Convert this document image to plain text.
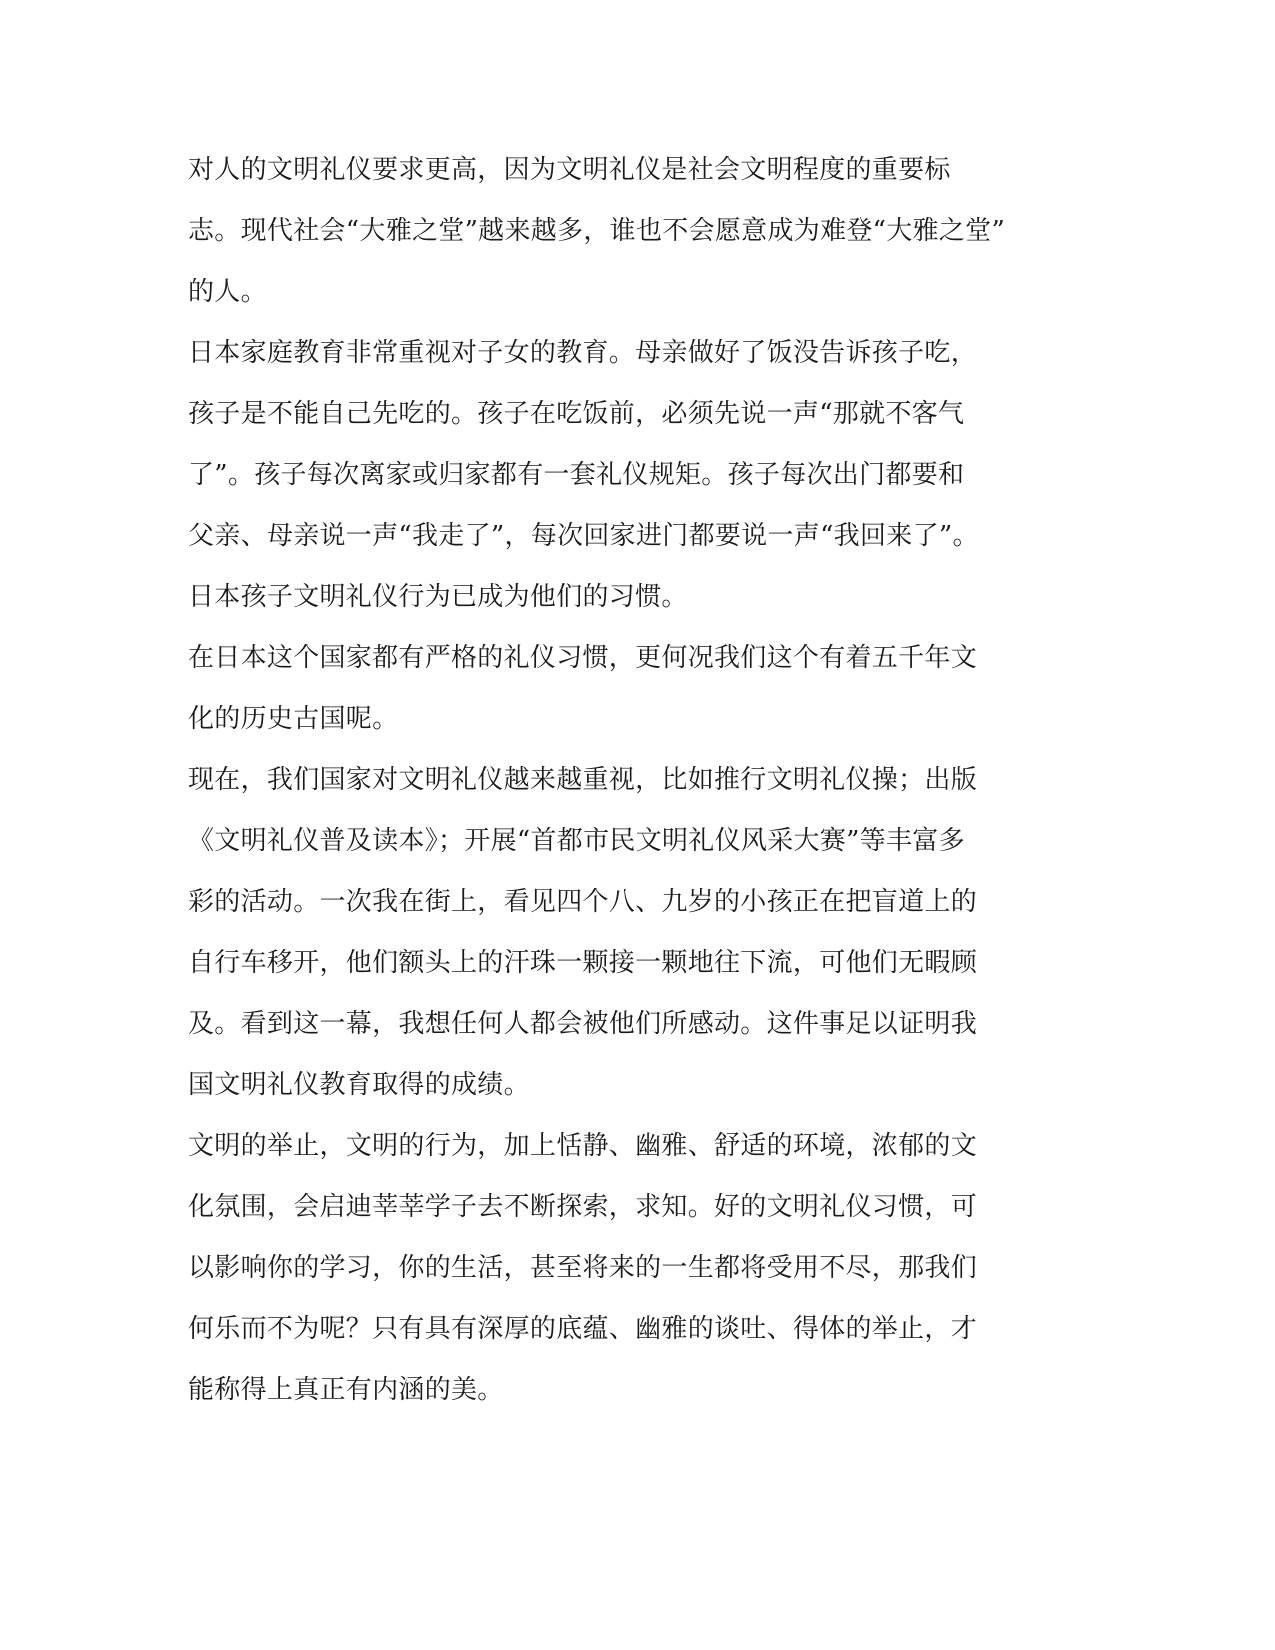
对人的文明礼仪要求更高，因为文明礼仪是社会文明程度的重要标
志。现代社会“大雅之堂”越来越多，谁也不会愿意成为难登“大雅之堂”
的人。
日本家庭教育非常重视对子女的教育。母亲做好了饭没告诉孩子吃，
孩子是不能自己先吃的。孩子在吃饭前，必须先说一声“那就不客气
了”。孩子每次离家或归家都有一套礼仪规矩。孩子每次出门都要和
父亲、母亲说一声“我走了”，每次回家进门都要说一声“我回来了”。
日本孩子文明礼仪行为已成为他们的习惯。
在日本这个国家都有严格的礼仪习惯，更何况我们这个有着五千年文
化的历史古国呢。
现在，我们国家对文明礼仪越来越重视，比如推行文明礼仪操；出版
《文明礼仪普及读本》；开展“首都市民文明礼仪风采大赛”等丰富多
彩的活动。一次我在街上，看见四个八、九岁的小孩正在把盲道上的
自行车移开，他们额头上的汗珠一颗接一颗地往下流，可他们无暇顾
及。看到这一幕，我想任何人都会被他们所感动。这件事足以证明我
国文明礼仪教育取得的成绩。
文明的举止，文明的行为，加上恬静、幽雅、舒适的环境，浓郁的文
化氛围，会启迪莘莘学子去不断探索，求知。好的文明礼仪习惯，可
以影响你的学习，你的生活，甚至将来的一生都将受用不尽，那我们
何乐而不为呢？只有具有深厚的底蕴、幽雅的谈吐、得体的举止，才
能称得上真正有内涵的美。
